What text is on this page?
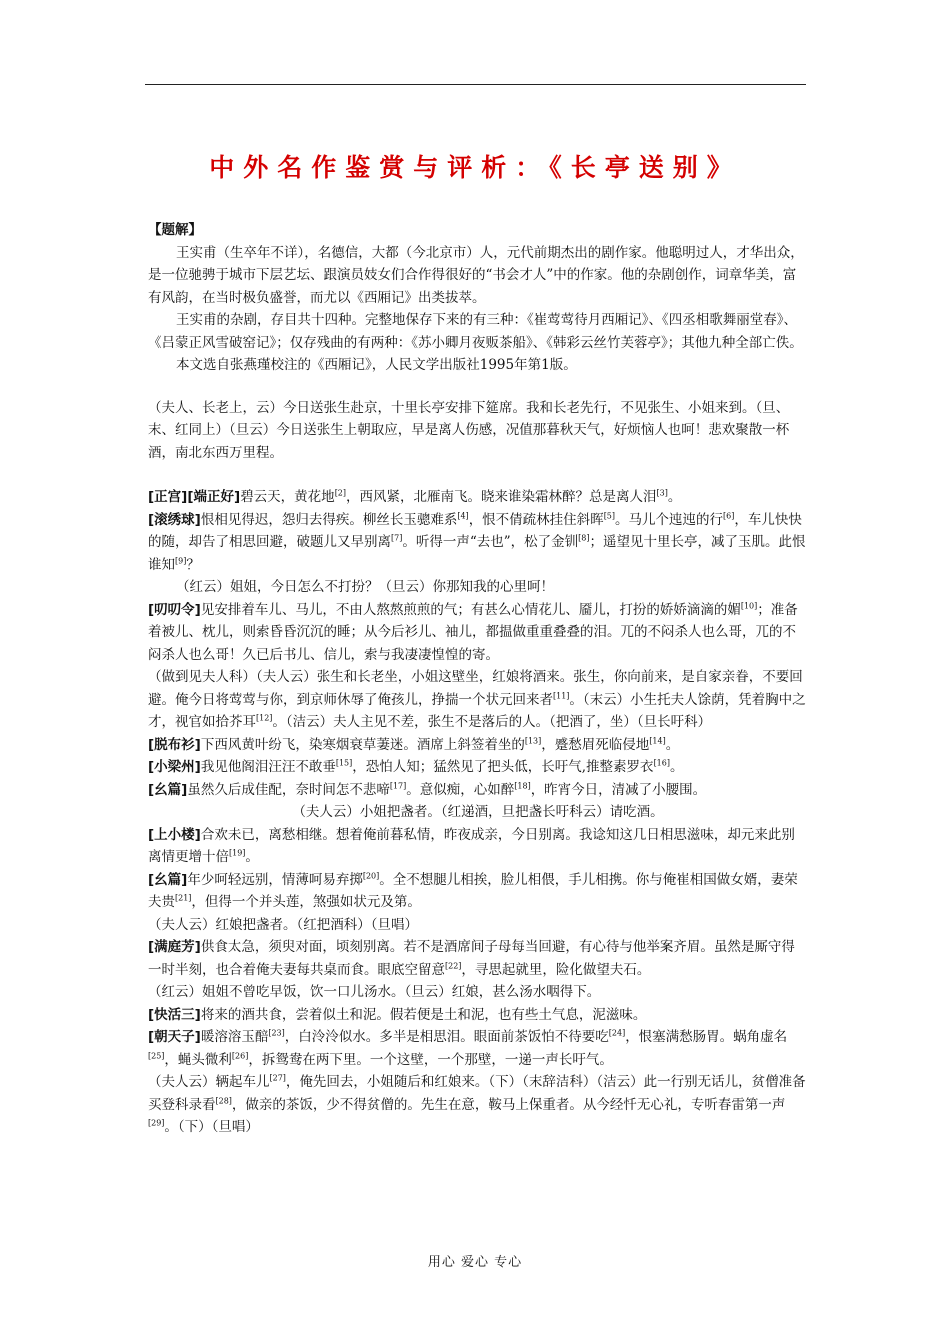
中外名作鉴赏与评析：《长亭送别》

【题解】

王实甫（生卒年不详），名德信，大都（今北京市）人，元代前期杰出的剧作家。他聪明过人，才华出众，是一位驰骋于城市下层艺坛、跟演员妓女们合作得很好的“书会才人”中的作家。他的杂剧创作，词章华美，富有风韵，在当时极负盛誉，而尤以《西厢记》出类拔萃。

王实甫的杂剧，存目共十四种。完整地保存下来的有三种：《崔莺莺待月西厢记》、《四丞相歌舞丽堂春》、《吕蒙正风雪破窑记》；仅存残曲的有两种：《苏小卿月夜贩茶船》、《韩彩云丝竹芙蓉亭》；其他九种全部亡佚。

本文选自张燕瑾校注的《西厢记》，人民文学出版社1995年第1版。

（夫人、长老上，云）今日送张生赴京，十里长亭安排下筵席。我和长老先行，不见张生、小姐来到。（旦、末、红同上）（旦云）今日送张生上朝取应，早是离人伤感，况值那暮秋天气，好烦恼人也呵！悲欢聚散一杯酒，南北东西万里程。

[正宫][端正好]碧云天，黄花地[2]，西风紧，北雁南飞。晓来谁染霜林醉？总是离人泪[3]。

[滚绣球]恨相见得迟，怨归去得疾。柳丝长玉骢难系[4]，恨不倩疏林挂住斜晖[5]。马儿个迍迍的行[6]，车儿快快的随，却告了相思回避，破题儿又早别离[7]。听得一声“去也”，松了金钏[8]；遥望见十里长亭，减了玉肌。此恨谁知[9]？

（红云）姐姐，今日怎么不打扮？（旦云）你那知我的心里呵！

[叨叨令]见安排着车儿、马儿，不由人熬熬煎煎的气；有甚么心情花儿、靥儿，打扮的娇娇滴滴的媚[10]；准备着被儿、枕儿，则索昏昏沉沉的睡；从今后衫儿、袖儿，都揾做重重叠叠的泪。兀的不闷杀人也么哥，兀的不闷杀人也么哥！久已后书儿、信儿，索与我凄凄惶惶的寄。

（做到见夫人科）（夫人云）张生和长老坐，小姐这壁坐，红娘将酒来。张生，你向前来，是自家亲眷，不要回避。俺今日将莺莺与你，到京师休辱了俺孩儿，挣揣一个状元回来者[11]。（末云）小生托夫人馀荫，凭着胸中之才，视官如拾芥耳[12]。（洁云）夫人主见不差，张生不是落后的人。（把酒了，坐）（旦长吁科）

[脱布衫]下西风黄叶纷飞，染寒烟衰草萋迷。酒席上斜签着坐的[13]，蹙愁眉死临侵地[14]。

[小梁州]我见他阁泪汪汪不敢垂[15]，恐怕人知；猛然见了把头低，长吁气,推整素罗衣[16]。

[幺篇]虽然久后成佳配，奈时间怎不悲啼[17]。意似痴，心如醉[18]，昨宵今日，清减了小腰围。

（夫人云）小姐把盏者。（红递酒，旦把盏长吁科云）请吃酒。

[上小楼]合欢未已，离愁相继。想着俺前暮私情，昨夜成亲，今日别离。我谂知这几日相思滋味，却元来此别离情更增十倍[19]。

[幺篇]年少呵轻远别，情薄呵易弃掷[20]。全不想腿儿相挨，脸儿相偎，手儿相携。你与俺崔相国做女婿，妻荣夫贵[21]，但得一个并头莲，煞强如状元及第。

（夫人云）红娘把盏者。（红把酒科）（旦唱）

[满庭芳]供食太急，须臾对面，顷刻别离。若不是酒席间子母每当回避，有心待与他举案齐眉。虽然是厮守得一时半刻，也合着俺夫妻每共桌而食。眼底空留意[22]，寻思起就里，险化做望夫石。

（红云）姐姐不曾吃早饭，饮一口儿汤水。（旦云）红娘，甚么汤水咽得下。

[快活三]将来的酒共食，尝着似土和泥。假若便是土和泥，也有些土气息，泥滋味。

[朝天子]暖溶溶玉醅[23]，白泠泠似水。多半是相思泪。眼面前茶饭怕不待要吃[24]，恨塞满愁肠胃。蜗角虚名[25]，蝇头微利[26]，拆鸳鸯在两下里。一个这壁，一个那壁，一递一声长吁气。

（夫人云）辆起车儿[27]，俺先回去，小姐随后和红娘来。（下）（末辞洁科）（洁云）此一行别无话儿，贫僧准备买登科录看[28]，做亲的茶饭，少不得贫僧的。先生在意，鞍马上保重者。从今经忏无心礼，专听春雷第一声[29]。（下）（旦唱）

用心 爱心 专心
